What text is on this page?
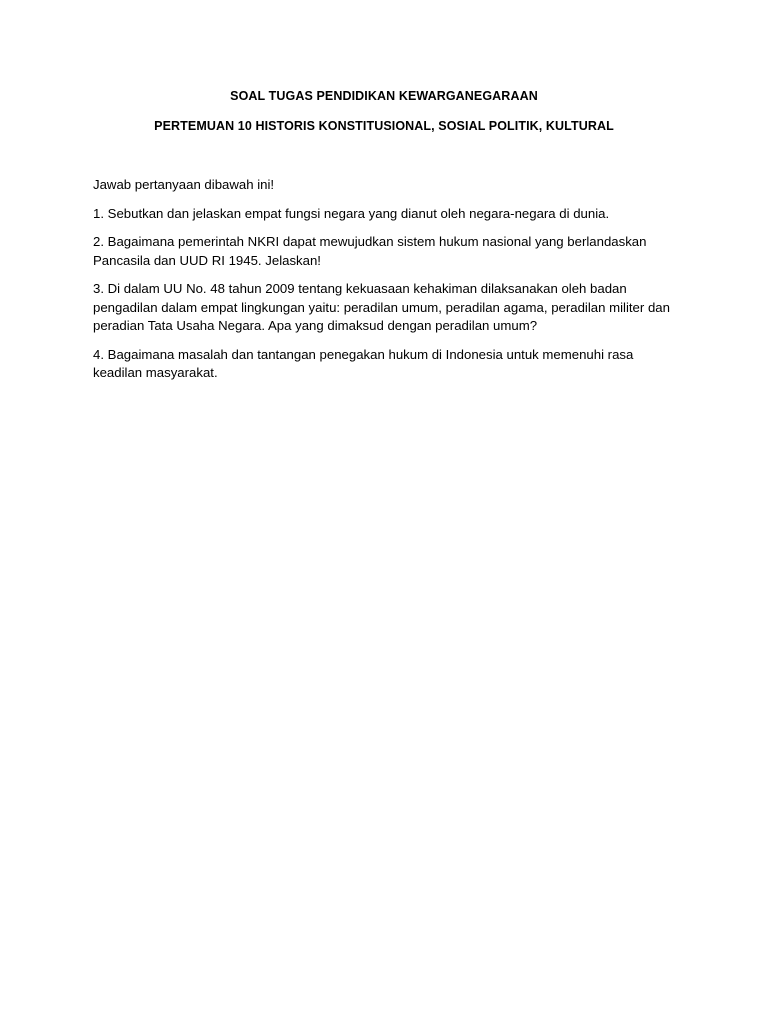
SOAL TUGAS PENDIDIKAN KEWARGANEGARAAN
PERTEMUAN 10 HISTORIS KONSTITUSIONAL, SOSIAL POLITIK, KULTURAL

Jawab pertanyaan dibawah ini!

1. Sebutkan dan jelaskan empat fungsi negara yang dianut oleh negara-negara di dunia.

2. Bagaimana pemerintah NKRI dapat mewujudkan sistem hukum nasional yang berlandaskan Pancasila dan UUD RI 1945. Jelaskan!

3. Di dalam UU No. 48 tahun 2009 tentang kekuasaan kehakiman dilaksanakan oleh badan pengadilan dalam empat lingkungan yaitu: peradilan umum, peradilan agama, peradilan militer dan peradian Tata Usaha Negara. Apa yang dimaksud dengan peradilan umum?

4. Bagaimana masalah dan tantangan penegakan hukum di Indonesia untuk memenuhi rasa keadilan masyarakat.
